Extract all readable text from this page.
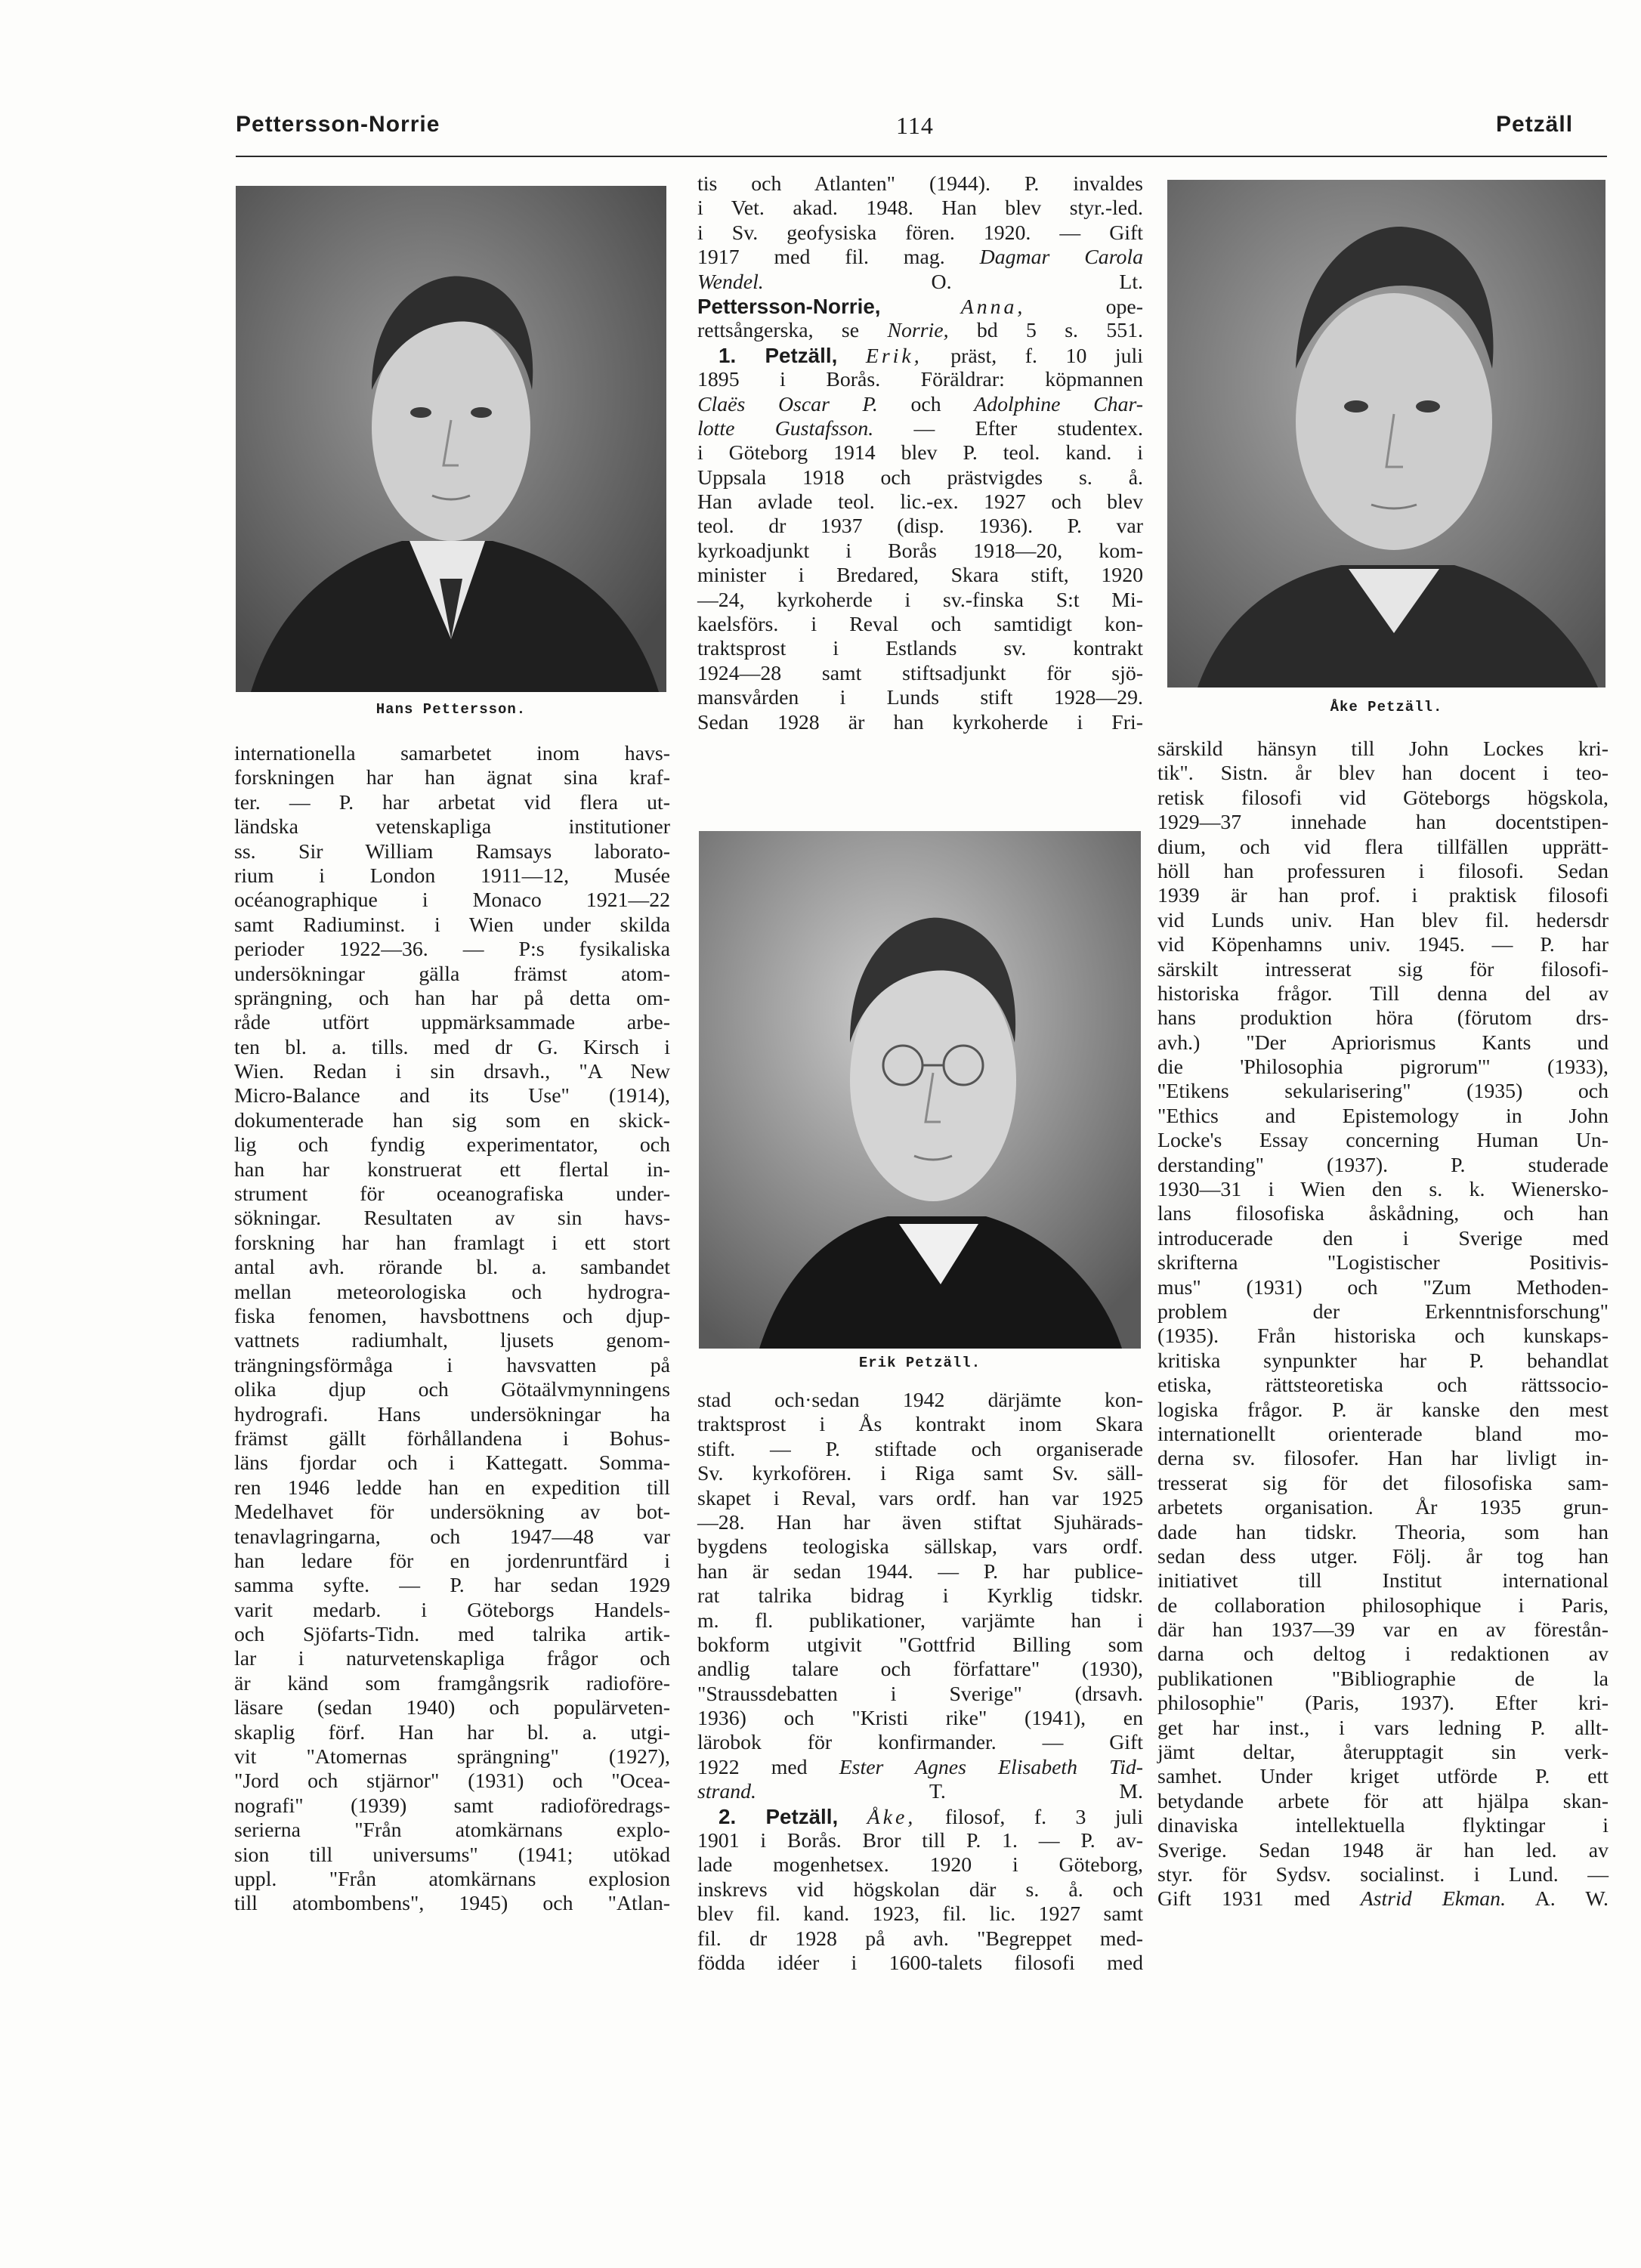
Pettersson-Norrie	114	Petzäll
Hans Pettersson.
Erik Petzäll.
Åke Petzäll.
internationella samarbetet inom havs-
forskningen har han ägnat sina kraf-
ter. — P. har arbetat vid flera ut-
ländska vetenskapliga institutioner
ss. Sir William Ramsays laborato-
rium i London 1911—12, Musée
océanographique i Monaco 1921—22
samt Radiuminst. i Wien under skilda
perioder 1922—36. — P:s fysikaliska
undersökningar gälla främst atom-
sprängning, och han har på detta om-
råde utfört uppmärksammade arbe-
ten bl. a. tills. med dr G. Kirsch i
Wien. Redan i sin drsavh., "A New
Micro-Balance and its Use" (1914),
dokumenterade han sig som en skick-
lig och fyndig experimentator, och
han har konstruerat ett flertal in-
strument för oceanografiska under-
sökningar. Resultaten av sin havs-
forskning har han framlagt i ett stort
antal avh. rörande bl. a. sambandet
mellan meteorologiska och hydrogra-
fiska fenomen, havsbottnens och djup-
vattnets radiumhalt, ljusets genom-
trängningsförmåga i havsvatten på
olika djup och Götaälvmynningens
hydrografi. Hans undersökningar ha
främst gällt förhållandena i Bohus-
läns fjordar och i Kattegatt. Somma-
ren 1946 ledde han en expedition till
Medelhavet för undersökning av bot-
tenavlagringarna, och 1947—48 var
han ledare för en jordenruntfärd i
samma syfte. — P. har sedan 1929
varit medarb. i Göteborgs Handels-
och Sjöfarts-Tidn. med talrika artik-
lar i naturvetenskapliga frågor och
är känd som framgångsrik radioföre-
läsare (sedan 1940) och populärveten-
skaplig förf. Han har bl. a. utgi-
vit "Atomernas sprängning" (1927),
"Jord och stjärnor" (1931) och "Ocea-
nografi" (1939) samt radioföredrags-
serierna "Från atomkärnans explo-
sion till universums" (1941; utökad
uppl. "Från atomkärnans explosion
till atombombens", 1945) och "Atlan-
tis och Atlanten" (1944). P. invaldes
i Vet. akad. 1948. Han blev styr.-led.
i Sv. geofysiska fören. 1920. — Gift
1917 med fil. mag. Dagmar Carola
Wendel.	O. Lt.
Pettersson-Norrie,	Anna,	ope-
rettsångerska, se Norrie, bd 5 s. 551.
1. Petzäll, Erik, präst, f. 10 juli
1895 i Borås. Föräldrar: köpmannen
Claës Oscar P. och Adolphine Char-
lotte Gustafsson. — Efter studentex.
i Göteborg 1914 blev P. teol. kand. i
Uppsala 1918 och prästvigdes s. å.
Han avlade teol. lic.-ex. 1927 och blev
teol. dr 1937 (disp. 1936). P. var
kyrkoadjunkt i Borås 1918—20, kom-
minister i Bredared, Skara stift, 1920
—24, kyrkoherde i sv.-finska S:t Mi-
kaelsförs. i Reval och samtidigt kon-
traktsprost i Estlands sv. kontrakt
1924—28 samt stiftsadjunkt för sjö-
mansvården i Lunds stift 1928—29.
Sedan 1928 är han kyrkoherde i Fri-
stad och·sedan 1942 därjämte kon-
traktsprost i Ås kontrakt inom Skara
stift. — P. stiftade och organiserade
Sv. kyrkoförен. i Riga samt Sv. säll-
skapet i Reval, vars ordf. han var 1925
—28. Han har även stiftat Sjuhärads-
bygdens teologiska sällskap, vars ordf.
han är sedan 1944. — P. har publice-
rat talrika bidrag i Kyrklig tidskr.
m. fl. publikationer, varjämte han i
bokform utgivit "Gottfrid Billing som
andlig talare och författare" (1930),
"Straussdebatten i Sverige" (drsavh.
1936) och "Kristi rike" (1941), en
lärobok för konfirmander. — Gift
1922 med Ester Agnes Elisabeth Tid-
strand.	T. M.
2. Petzäll, Åke, filosof, f. 3 juli
1901 i Borås. Bror till P. 1. — P. av-
lade mogenhetsex. 1920 i Göteborg,
inskrevs vid högskolan där s. å. och
blev fil. kand. 1923, fil. lic. 1927 samt
fil. dr 1928 på avh. "Begreppet med-
födda idéer i 1600-talets filosofi med
särskild hänsyn till John Lockes kri-
tik". Sistn. år blev han docent i teo-
retisk filosofi vid Göteborgs högskola,
1929—37 innehade han docentstipen-
dium, och vid flera tillfällen upprätt-
höll han professuren i filosofi. Sedan
1939 är han prof. i praktisk filosofi
vid Lunds univ. Han blev fil. hedersdr
vid Köpenhamns univ. 1945. — P. har
särskilt intresserat sig för filosofi-
historiska frågor. Till denna del av
hans produktion höra (förutom drs-
avh.) "Der Apriorismus Kants und
die 'Philosophia pigrorum'" (1933),
"Etikens sekularisering" (1935) och
"Ethics and Epistemology in John
Locke's Essay concerning Human Un-
derstanding" (1937). P. studerade
1930—31 i Wien den s. k. Wienersko-
lans filosofiska åskådning, och han
introducerade den i Sverige med
skrifterna "Logistischer Positivis-
mus" (1931) och "Zum Methoden-
problem der Erkenntnisforschung"
(1935). Från historiska och kunskaps-
kritiska synpunkter har P. behandlat
etiska, rättsteoretiska och rättssocio-
logiska frågor. P. är kanske den mest
internationellt orienterade bland mo-
derna sv. filosofer. Han har livligt in-
tresserat sig för det filosofiska sam-
arbetets organisation. År 1935 grun-
dade han tidskr. Theoria, som han
sedan dess utger. Följ. år tog han
initiativet till Institut international
de collaboration philosophique i Paris,
där han 1937—39 var en av förestån-
darna och deltog i redaktionen av
publikationen "Bibliographie de la
philosophie" (Paris, 1937). Efter kri-
get har inst., i vars ledning P. allt-
jämt deltar, återupptagit sin verk-
samhet. Under kriget utförde P. ett
betydande arbete för att hjälpa skan-
dinaviska intellektuella flyktingar i
Sverige. Sedan 1948 är han led. av
styr. för Sydsv. socialinst. i Lund. —
Gift 1931 med Astrid Ekman. A. W.
